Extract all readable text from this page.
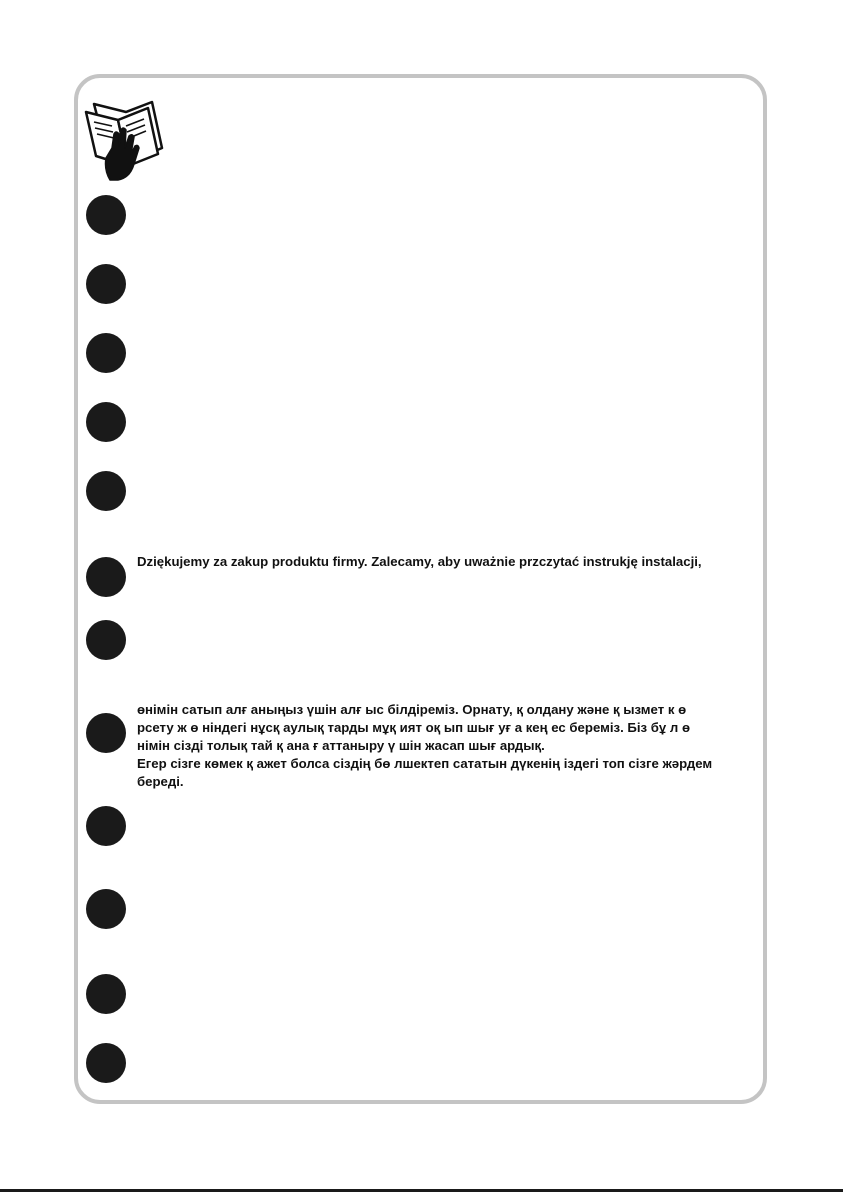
Dziękujemy za zakup produktu firmy. Zalecamy, aby uważnie przczytać instrukję instalacji,
өнімін сатып алғ аныңыз үшін алғ ыс білдіреміз. Орнату, қ олдану және қ ызмет к ө
рсету ж ө ніндегі нұсқ аулық тарды мұқ ият оқ ып шығ уғ а кең ес береміз. Біз бұ л ө
німін сізді толық тай қ ана ғ аттаныру ү шін жасап шығ ардық.
Егер сізге көмек қ ажет болса сіздің бө лшектеп сататын дүкенің іздегі топ сізге жәрдем
береді.
